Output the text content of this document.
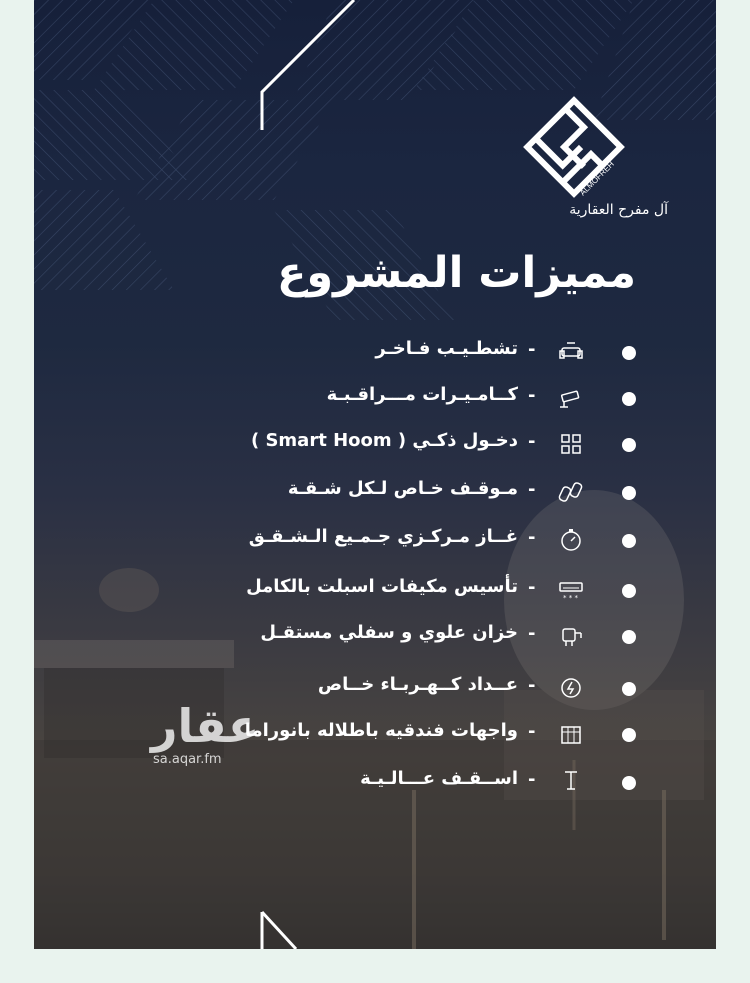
ALMOFREH
آل مفرح العقارية
مميزات المشروع
-
تشطـيـب فـاخـر
-
كــامـيـرات مـــراقـبـة
-
دخـول ذكـي ( Smart Hoom )
-
مـوقـف خـاص لـكل شـقـة
-
غــاز مـركـزي جـمـيع الـشـقـق
* * *
-
تأسيس مكيفات اسبلت بالكامل
-
خزان علوي و سفلي مستقـل
-
عــداد كــهـربـاء خــاص
-
واجهات فندقيه باطلاله بانوراما
-
اســقـف عـــالـيـة
عقار
sa.aqar.fm
